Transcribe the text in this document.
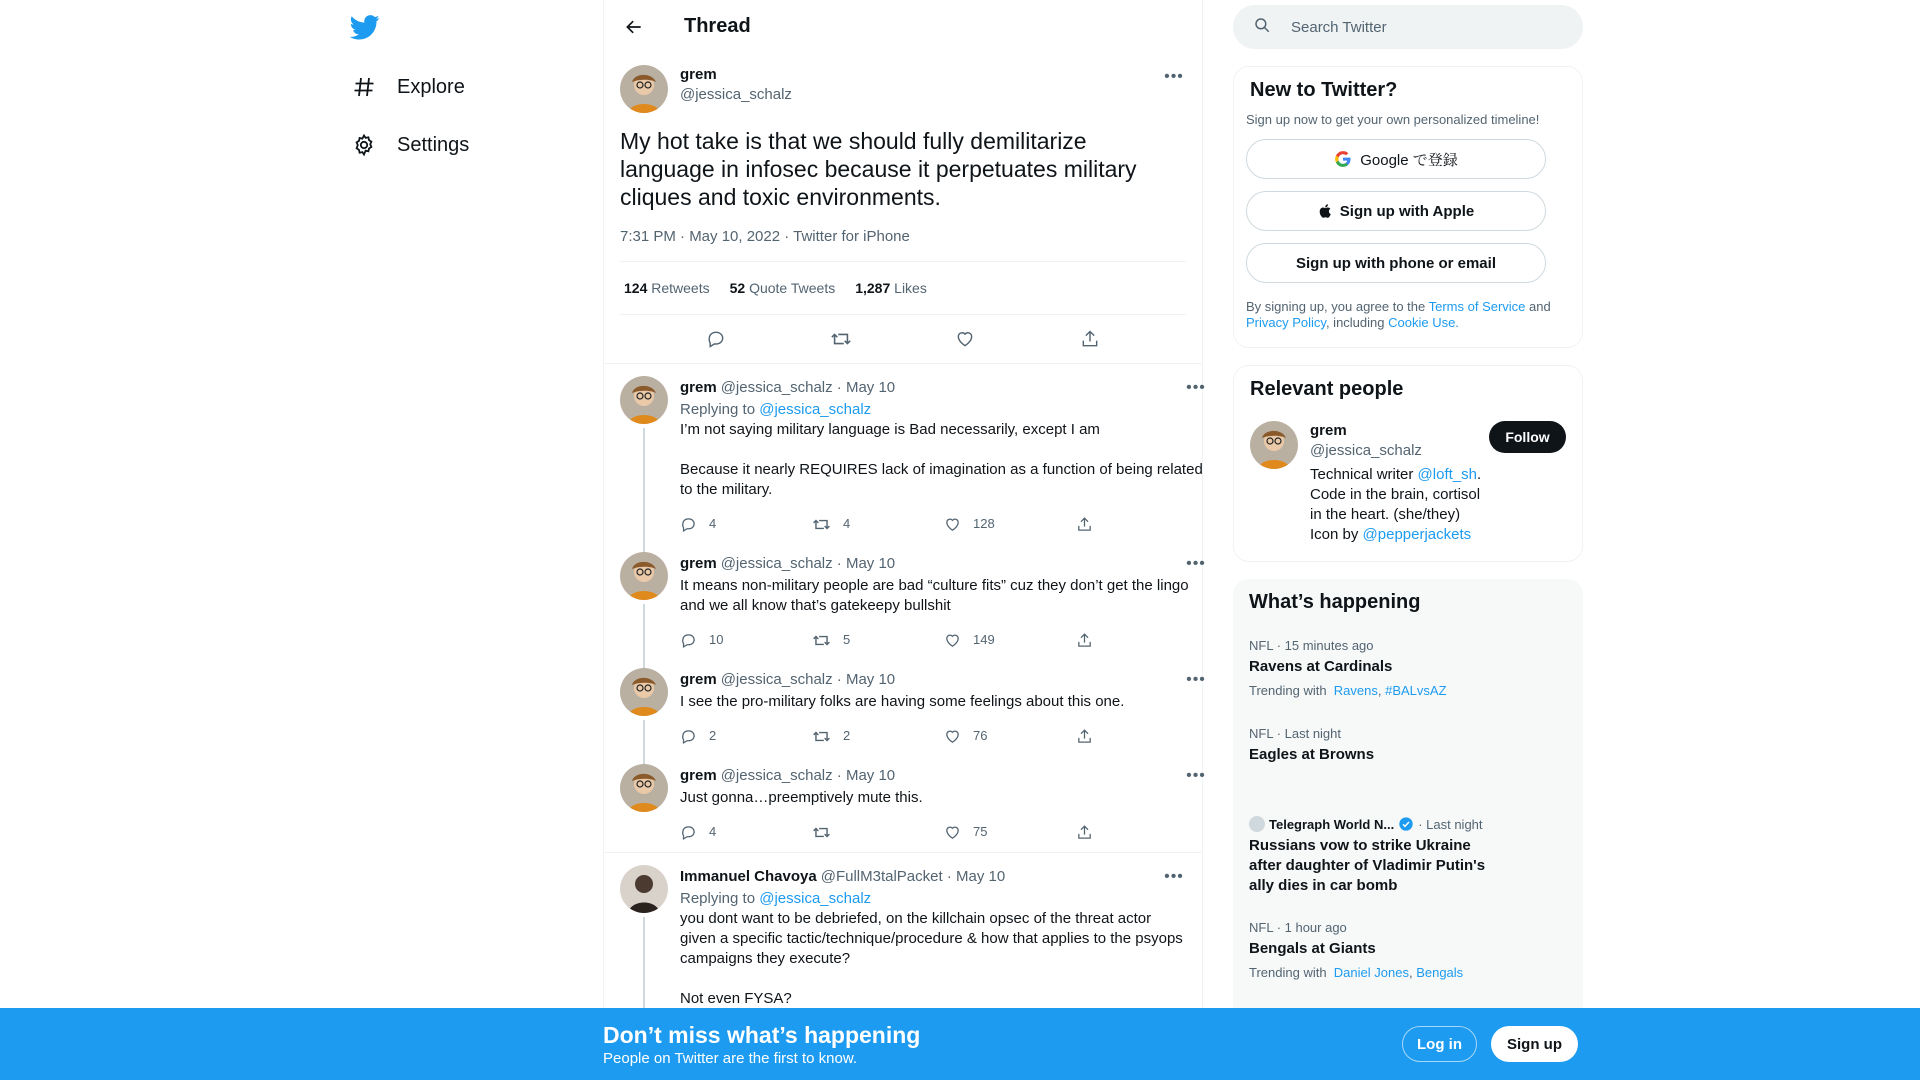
Explore
Settings
Thread
grem
@jessica_schalz
•••
My hot take is that we should fully demilitarize language in infosec because it perpetuates military cliques and toxic environments.
7:31 PM · May 10, 2022 · Twitter for iPhone
124 Retweets 52 Quote Tweets 1,287 Likes
grem @jessica_schalz · May 10	•••
Replying to @jessica_schalz
I’m not saying military language is Bad necessarily, except I am

Because it nearly REQUIRES lack of imagination as a function of being related to the military.
4	4	128
grem @jessica_schalz · May 10	•••
It means non-military people are bad “culture fits” cuz they don’t get the lingo and we all know that’s gatekeepy bullshit
10	5	149
grem @jessica_schalz · May 10	•••
I see the pro-military folks are having some feelings about this one.
2	2	76
grem @jessica_schalz · May 10	•••
Just gonna…preemptively mute this.
4	75
Immanuel Chavoya @FullM3talPacket · May 10	•••
Replying to @jessica_schalz
you dont want to be debriefed, on the killchain opsec of the threat actor given a specific tactic/technique/procedure & how that applies to the psyops campaigns they execute?

Not even FYSA?
Search Twitter
New to Twitter?
Sign up now to get your own personalized timeline!
Google で登録
Sign up with Apple
Sign up with phone or email
By signing up, you agree to the Terms of Service and Privacy Policy, including Cookie Use.
Relevant people
grem
@jessica_schalz
Technical writer @loft_sh. Code in the brain, cortisol in the heart. (she/they) Icon by @pepperjackets
Follow
What’s happening
NFL · 15 minutes ago
Ravens at Cardinals
Trending with Ravens, #BALvsAZ
NFL · Last night
Eagles at Browns
Telegraph World N... · Last night
Russians vow to strike Ukraine after daughter of Vladimir Putin's ally dies in car bomb
NFL · 1 hour ago
Bengals at Giants
Trending with Daniel Jones, Bengals
Don’t miss what’s happening
People on Twitter are the first to know.
Log in	Sign up
